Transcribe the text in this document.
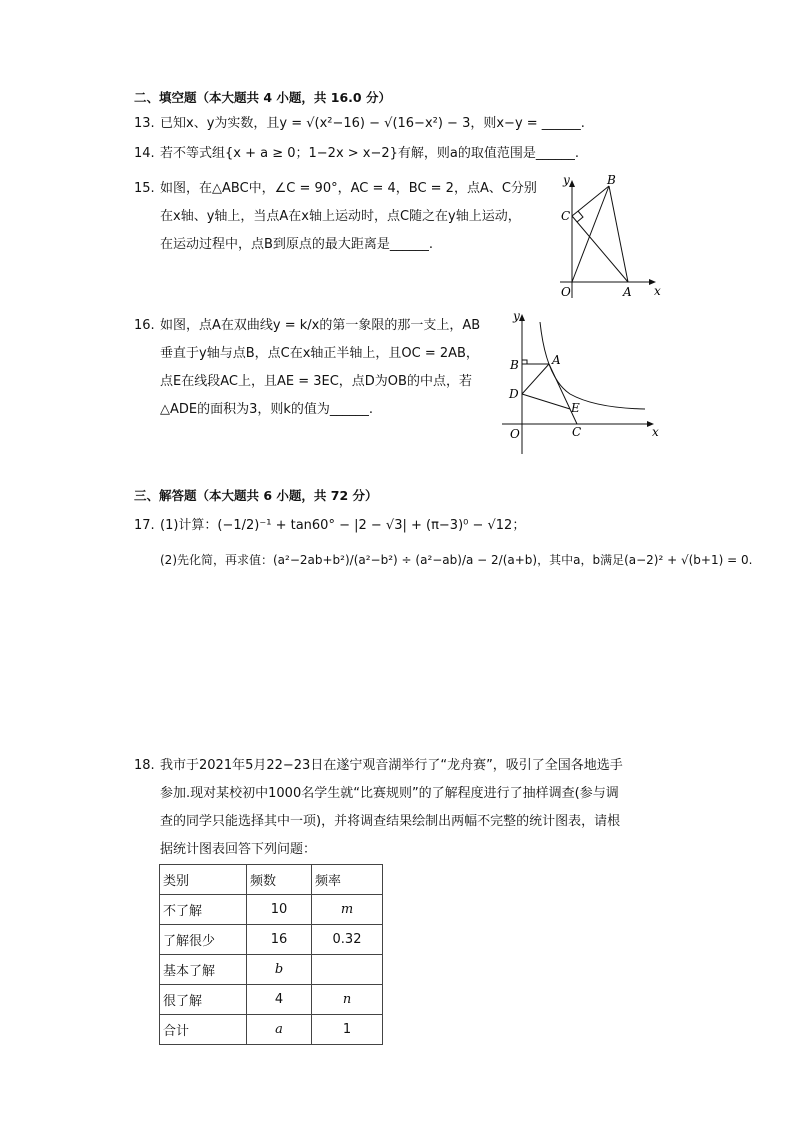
二、填空题（本大题共 4 小题，共 16.0 分）
13. 已知x、y为实数，且y = √(x²−16) − √(16−x²) − 3，则x−y = ______.
14. 若不等式组{x + a ≥ 0；1−2x > x−2}有解，则a的取值范围是______.
15. 如图，在△ABC中，∠C = 90°，AC = 4，BC = 2，点A、C分别
在x轴、y轴上，当点A在x轴上运动时，点C随之在y轴上运动，
在运动过程中，点B到原点的最大距离是______.
y
x
O	A
B
C
16. 如图，点A在双曲线y = k/x的第一象限的那一支上，AB
垂直于y轴与点B，点C在x轴正半轴上，且OC = 2AB，
点E在线段AC上，且AE = 3EC，点D为OB的中点，若
△ADE的面积为3，则k的值为______.
y
x
O
B	A
D
E
C
三、解答题（本大题共 6 小题，共 72 分）
17. (1)计算：(−1/2)⁻¹ + tan60° − |2 − √3| + (π−3)⁰ − √12；
(2)先化简，再求值：(a²−2ab+b²)/(a²−b²) ÷ (a²−ab)/a − 2/(a+b)，其中a，b满足(a−2)² + √(b+1) = 0.
18. 我市于2021年5月22−23日在遂宁观音湖举行了“龙舟赛”，吸引了全国各地选手
参加.现对某校初中1000名学生就“比赛规则”的了解程度进行了抽样调查(参与调
查的同学只能选择其中一项)，并将调查结果绘制出两幅不完整的统计图表，请根
据统计图表回答下列问题：
类别	频数	频率
不了解	10	m
了解很少	16	0.32
基本了解	b	
很了解	4	n
合计	a	1
